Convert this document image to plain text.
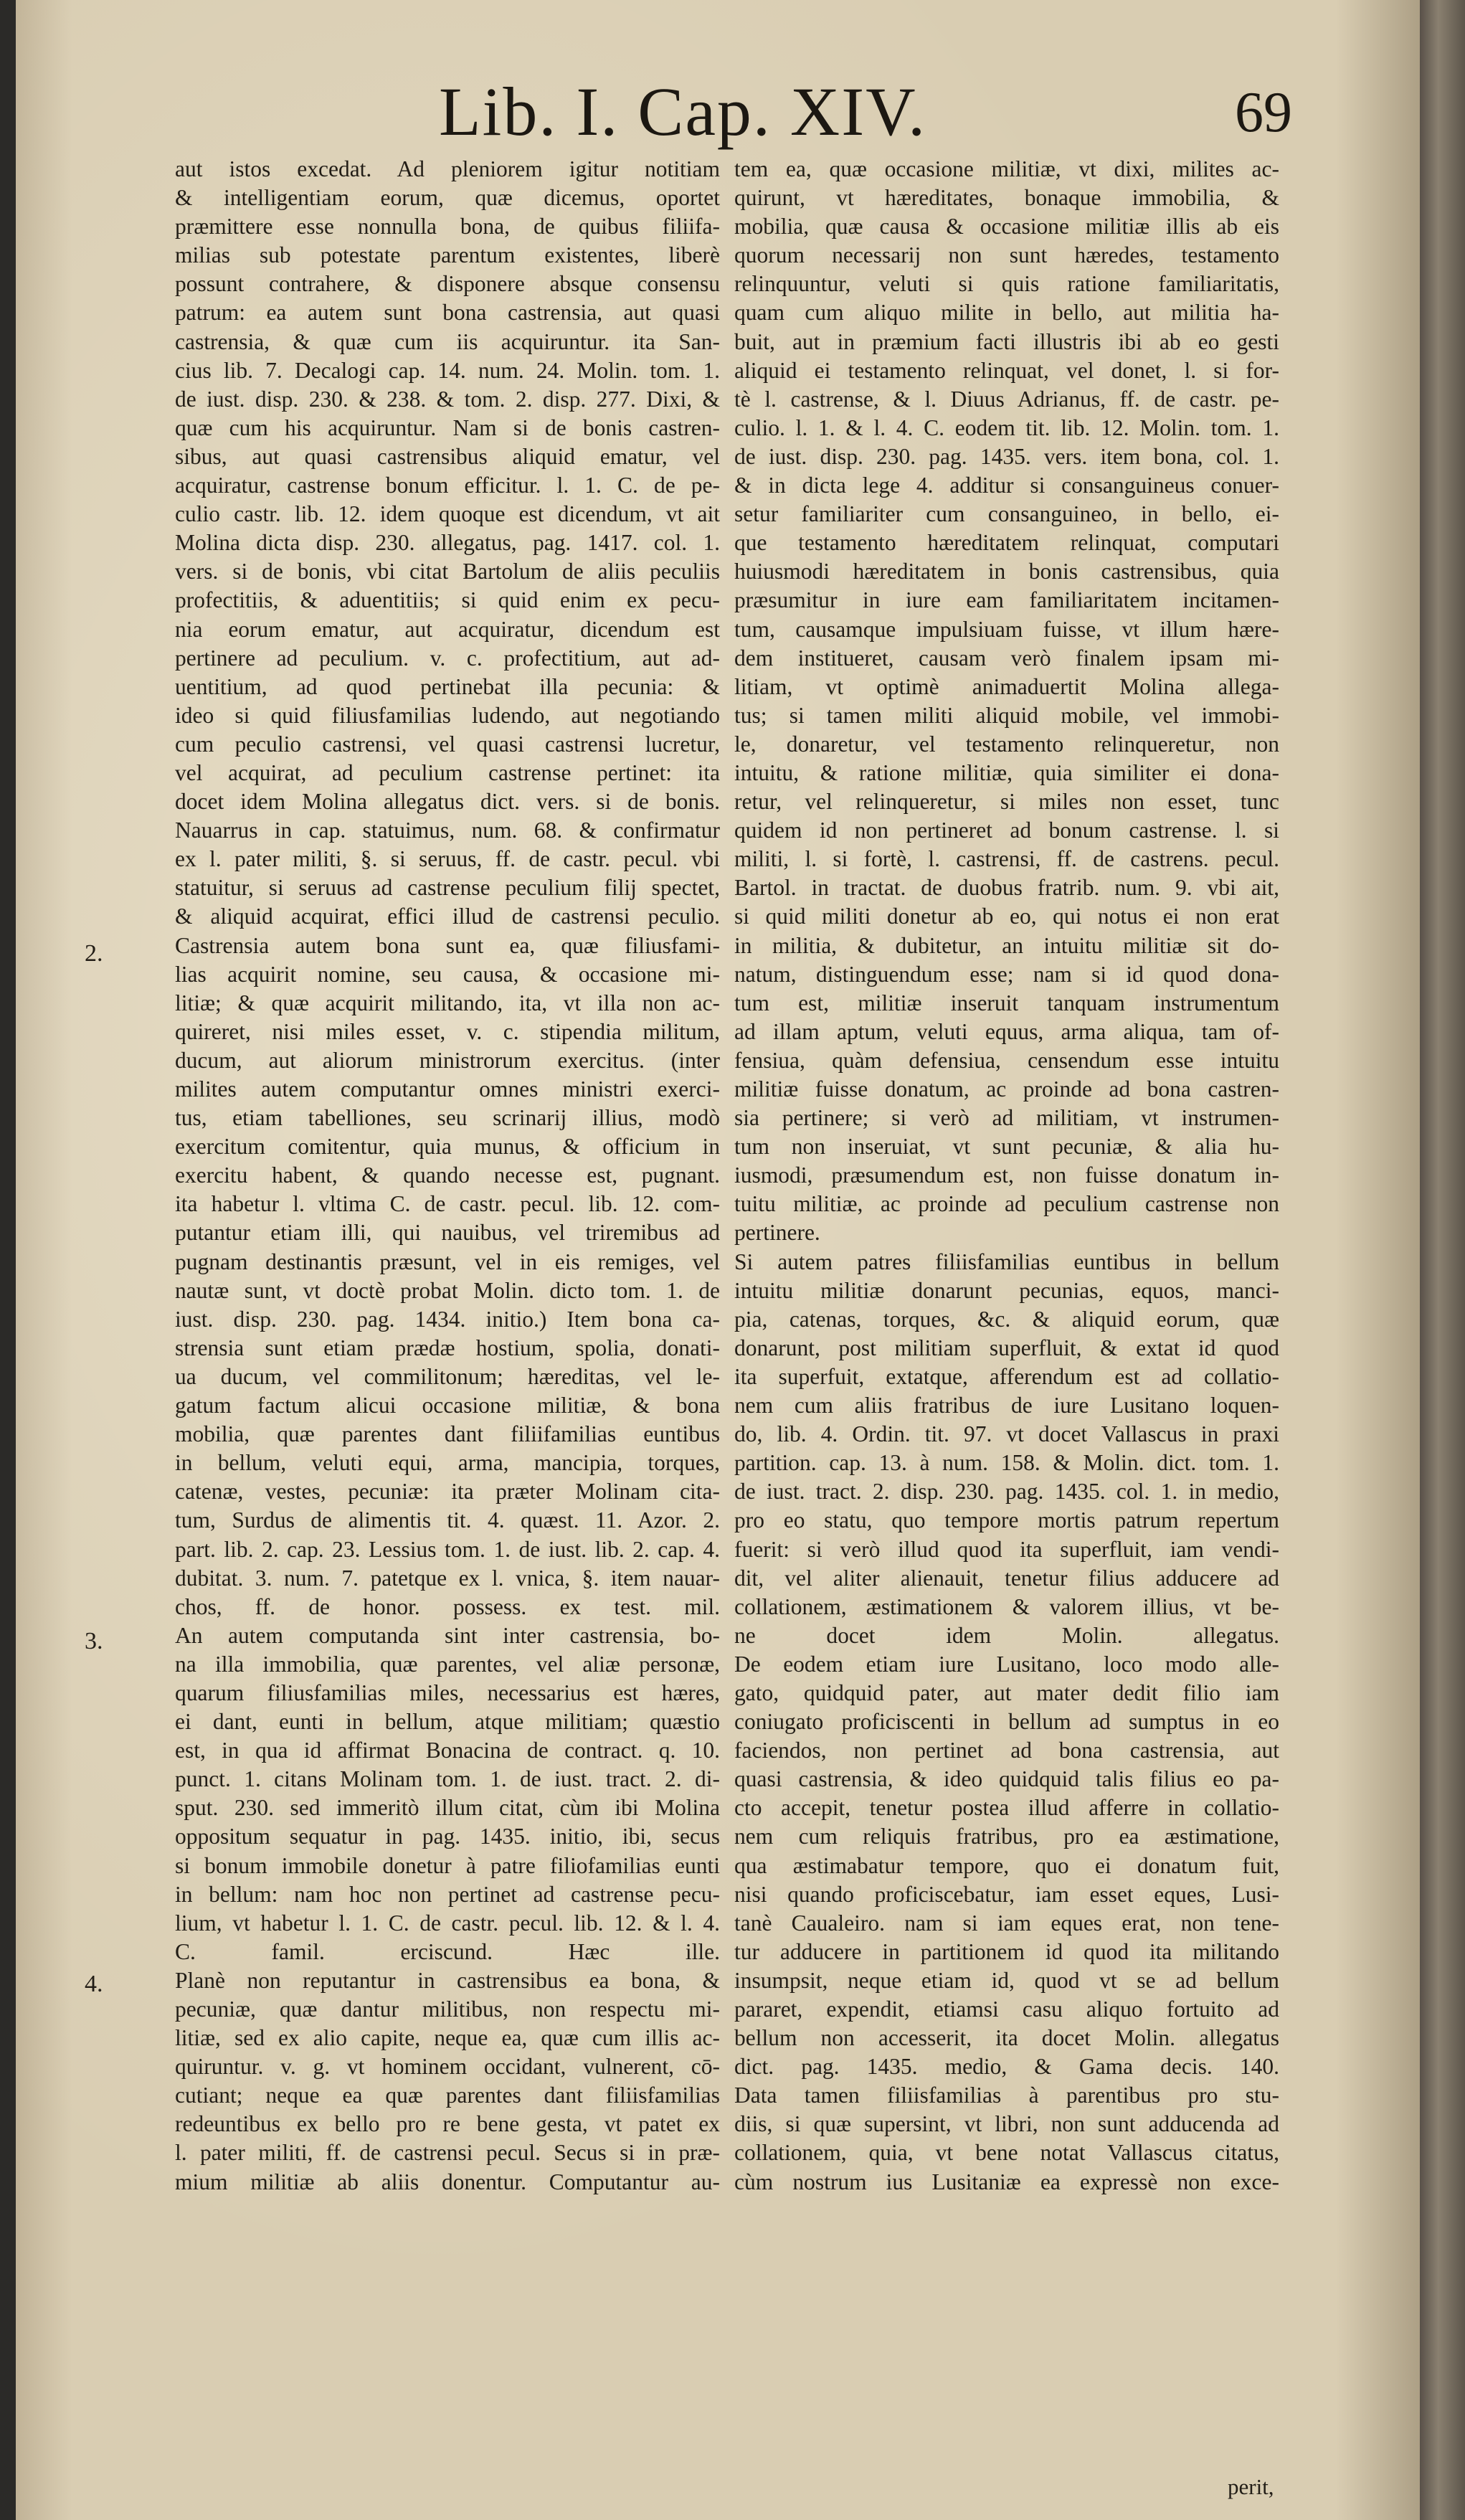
Lib. I. Cap. XIV.	69
2.
3.
4.
aut istos excedat. Ad pleniorem igitur notitiam
& intelligentiam eorum, quæ dicemus, oportet
præmittere esse nonnulla bona, de quibus filiifa-
milias sub potestate parentum existentes, liberè
possunt contrahere, & disponere absque consensu
patrum: ea autem sunt bona castrensia, aut quasi
castrensia, & quæ cum iis acquiruntur. ita San-
cius lib. 7. Decalogi cap. 14. num. 24. Molin. tom. 1.
de iust. disp. 230. & 238. & tom. 2. disp. 277. Dixi, &
quæ cum his acquiruntur. Nam si de bonis castren-
sibus, aut quasi castrensibus aliquid ematur, vel
acquiratur, castrense bonum efficitur. l. 1. C. de pe-
culio castr. lib. 12. idem quoque est dicendum, vt ait
Molina dicta disp. 230. allegatus, pag. 1417. col. 1.
vers. si de bonis, vbi citat Bartolum de aliis peculiis
profectitiis, & aduentitiis; si quid enim ex pecu-
nia eorum ematur, aut acquiratur, dicendum est
pertinere ad peculium. v. c. profectitium, aut ad-
uentitium, ad quod pertinebat illa pecunia: &
ideo si quid filiusfamilias ludendo, aut negotiando
cum peculio castrensi, vel quasi castrensi lucretur,
vel acquirat, ad peculium castrense pertinet: ita
docet idem Molina allegatus dict. vers. si de bonis.
Nauarrus in cap. statuimus, num. 68. & confirmatur
ex l. pater militi, §. si seruus, ff. de castr. pecul. vbi
statuitur, si seruus ad castrense peculium filij spectet,
& aliquid acquirat, effici illud de castrensi peculio.
Castrensia autem bona sunt ea, quæ filiusfami-
lias acquirit nomine, seu causa, & occasione mi-
litiæ; & quæ acquirit militando, ita, vt illa non ac-
quireret, nisi miles esset, v. c. stipendia militum,
ducum, aut aliorum ministrorum exercitus. (inter
milites autem computantur omnes ministri exerci-
tus, etiam tabelliones, seu scrinarij illius, modò
exercitum comitentur, quia munus, & officium in
exercitu habent, & quando necesse est, pugnant.
ita habetur l. vltima C. de castr. pecul. lib. 12. com-
putantur etiam illi, qui nauibus, vel triremibus ad
pugnam destinantis præsunt, vel in eis remiges, vel
nautæ sunt, vt doctè probat Molin. dicto tom. 1. de
iust. disp. 230. pag. 1434. initio.) Item bona ca-
strensia sunt etiam prædæ hostium, spolia, donati-
ua ducum, vel commilitonum; hæreditas, vel le-
gatum factum alicui occasione militiæ, & bona
mobilia, quæ parentes dant filiifamilias euntibus
in bellum, veluti equi, arma, mancipia, torques,
catenæ, vestes, pecuniæ: ita præter Molinam cita-
tum, Surdus de alimentis tit. 4. quæst. 11. Azor. 2.
part. lib. 2. cap. 23. Lessius tom. 1. de iust. lib. 2. cap. 4.
dubitat. 3. num. 7. patetque ex l. vnica, §. item nauar-
chos, ff. de honor. possess. ex test. mil.
An autem computanda sint inter castrensia, bo-
na illa immobilia, quæ parentes, vel aliæ personæ,
quarum filiusfamilias miles, necessarius est hæres,
ei dant, eunti in bellum, atque militiam; quæstio
est, in qua id affirmat Bonacina de contract. q. 10.
punct. 1. citans Molinam tom. 1. de iust. tract. 2. di-
sput. 230. sed immeritò illum citat, cùm ibi Molina
oppositum sequatur in pag. 1435. initio, ibi, secus
si bonum immobile donetur à patre filiofamilias eunti
in bellum: nam hoc non pertinet ad castrense pecu-
lium, vt habetur l. 1. C. de castr. pecul. lib. 12. & l. 4.
C. famil. erciscund. Hæc ille.
Planè non reputantur in castrensibus ea bona, &
pecuniæ, quæ dantur militibus, non respectu mi-
litiæ, sed ex alio capite, neque ea, quæ cum illis ac-
quiruntur. v. g. vt hominem occidant, vulnerent, cō-
cutiant; neque ea quæ parentes dant filiisfamilias
redeuntibus ex bello pro re bene gesta, vt patet ex
l. pater militi, ff. de castrensi pecul. Secus si in præ-
mium militiæ ab aliis donentur. Computantur au-
tem ea, quæ occasione militiæ, vt dixi, milites ac-
quirunt, vt hæreditates, bonaque immobilia, &
mobilia, quæ causa & occasione militiæ illis ab eis
quorum necessarij non sunt hæredes, testamento
relinquuntur, veluti si quis ratione familiaritatis,
quam cum aliquo milite in bello, aut militia ha-
buit, aut in præmium facti illustris ibi ab eo gesti
aliquid ei testamento relinquat, vel donet, l. si for-
tè l. castrense, & l. Diuus Adrianus, ff. de castr. pe-
culio. l. 1. & l. 4. C. eodem tit. lib. 12. Molin. tom. 1.
de iust. disp. 230. pag. 1435. vers. item bona, col. 1.
& in dicta lege 4. additur si consanguineus conuer-
setur familiariter cum consanguineo, in bello, ei-
que testamento hæreditatem relinquat, computari
huiusmodi hæreditatem in bonis castrensibus, quia
præsumitur in iure eam familiaritatem incitamen-
tum, causamque impulsiuam fuisse, vt illum hære-
dem institueret, causam verò finalem ipsam mi-
litiam, vt optimè animaduertit Molina allega-
tus; si tamen militi aliquid mobile, vel immobi-
le, donaretur, vel testamento relinqueretur, non
intuitu, & ratione militiæ, quia similiter ei dona-
retur, vel relinqueretur, si miles non esset, tunc
quidem id non pertineret ad bonum castrense. l. si
militi, l. si fortè, l. castrensi, ff. de castrens. pecul.
Bartol. in tractat. de duobus fratrib. num. 9. vbi ait,
si quid militi donetur ab eo, qui notus ei non erat
in militia, & dubitetur, an intuitu militiæ sit do-
natum, distinguendum esse; nam si id quod dona-
tum est, militiæ inseruit tanquam instrumentum
ad illam aptum, veluti equus, arma aliqua, tam of-
fensiua, quàm defensiua, censendum esse intuitu
militiæ fuisse donatum, ac proinde ad bona castren-
sia pertinere; si verò ad militiam, vt instrumen-
tum non inseruiat, vt sunt pecuniæ, & alia hu-
iusmodi, præsumendum est, non fuisse donatum in-
tuitu militiæ, ac proinde ad peculium castrense non
pertinere.
Si autem patres filiisfamilias euntibus in bellum
intuitu militiæ donarunt pecunias, equos, manci-
pia, catenas, torques, &c. & aliquid eorum, quæ
donarunt, post militiam superfluit, & extat id quod
ita superfuit, extatque, afferendum est ad collatio-
nem cum aliis fratribus de iure Lusitano loquen-
do, lib. 4. Ordin. tit. 97. vt docet Vallascus in praxi
partition. cap. 13. à num. 158. & Molin. dict. tom. 1.
de iust. tract. 2. disp. 230. pag. 1435. col. 1. in medio,
pro eo statu, quo tempore mortis patrum repertum
fuerit: si verò illud quod ita superfluit, iam vendi-
dit, vel aliter alienauit, tenetur filius adducere ad
collationem, æstimationem & valorem illius, vt be-
ne docet idem Molin. allegatus.
De eodem etiam iure Lusitano, loco modo alle-
gato, quidquid pater, aut mater dedit filio iam
coniugato proficiscenti in bellum ad sumptus in eo
faciendos, non pertinet ad bona castrensia, aut
quasi castrensia, & ideo quidquid talis filius eo pa-
cto accepit, tenetur postea illud afferre in collatio-
nem cum reliquis fratribus, pro ea æstimatione,
qua æstimabatur tempore, quo ei donatum fuit,
nisi quando proficiscebatur, iam esset eques, Lusi-
tanè Caualeiro. nam si iam eques erat, non tene-
tur adducere in partitionem id quod ita militando
insumpsit, neque etiam id, quod vt se ad bellum
pararet, expendit, etiamsi casu aliquo fortuito ad
bellum non accesserit, ita docet Molin. allegatus
dict. pag. 1435. medio, & Gama decis. 140.
Data tamen filiisfamilias à parentibus pro stu-
diis, si quæ supersint, vt libri, non sunt adducenda ad
collationem, quia, vt bene notat Vallascus citatus,
cùm nostrum ius Lusitaniæ ea expressè non exce-
perit,
